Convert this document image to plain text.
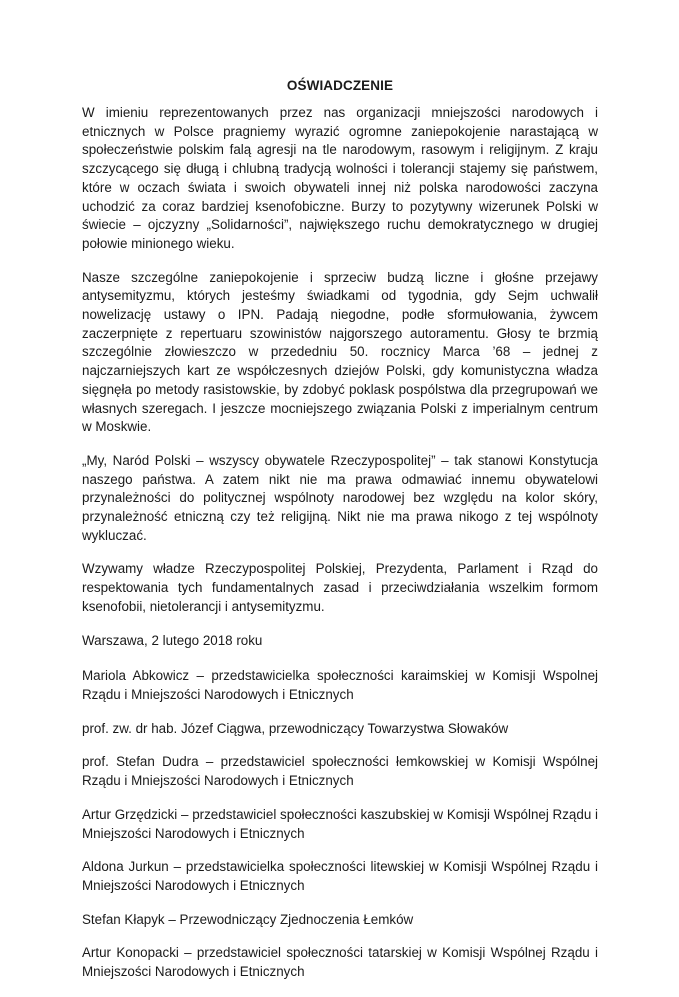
OŚWIADCZENIE

W imieniu reprezentowanych przez nas organizacji mniejszości narodowych i etnicznych w Polsce pragniemy wyrazić ogromne zaniepokojenie narastającą w społeczeństwie polskim falą agresji na tle narodowym, rasowym i religijnym. Z kraju szczycącego się długą i chlubną tradycją wolności i tolerancji stajemy się państwem, które w oczach świata i swoich obywateli innej niż polska narodowości zaczyna uchodzić za coraz bardziej ksenofobiczne. Burzy to pozytywny wizerunek Polski w świecie – ojczyzny „Solidarności”, największego ruchu demokratycznego w drugiej połowie minionego wieku.

Nasze szczególne zaniepokojenie i sprzeciw budzą liczne i głośne przejawy antysemityzmu, których jesteśmy świadkami od tygodnia, gdy Sejm uchwalił nowelizację ustawy o IPN. Padają niegodne, podłe sformułowania, żywcem zaczerpnięte z repertuaru szowinistów najgorszego autoramentu. Głosy te brzmią szczególnie złowieszczo w przededniu 50. rocznicy Marca ’68 – jednej z najczarniejszych kart ze współczesnych dziejów Polski, gdy komunistyczna władza sięgnęła po metody rasistowskie, by zdobyć poklask pospólstwa dla przegrupowań we własnych szeregach. I jeszcze mocniejszego związania Polski z imperialnym centrum w Moskwie.

„My, Naród Polski – wszyscy obywatele Rzeczypospolitej” – tak stanowi Konstytucja naszego państwa. A zatem nikt nie ma prawa odmawiać innemu obywatelowi przynależności do politycznej wspólnoty narodowej bez względu na kolor skóry, przynależność etniczną czy też religijną. Nikt nie ma prawa nikogo z tej wspólnoty wykluczać.

Wzywamy władze Rzeczypospolitej Polskiej, Prezydenta, Parlament i Rząd do respektowania tych fundamentalnych zasad i przeciwdziałania wszelkim formom ksenofobii, nietolerancji i antysemityzmu.

Warszawa, 2 lutego 2018 roku

Mariola Abkowicz – przedstawicielka społeczności karaimskiej w Komisji Wspolnej Rządu i Mniejszości Narodowych i Etnicznych

prof. zw. dr hab. Józef Ciągwa, przewodniczący Towarzystwa Słowaków

prof. Stefan Dudra – przedstawiciel społeczności łemkowskiej w Komisji Wspólnej Rządu i Mniejszości Narodowych i Etnicznych

Artur Grzędzicki – przedstawiciel społeczności kaszubskiej w Komisji Wspólnej Rządu i Mniejszości Narodowych i Etnicznych

Aldona Jurkun – przedstawicielka społeczności litewskiej w Komisji Wspólnej Rządu i Mniejszości Narodowych i Etnicznych

Stefan Kłapyk – Przewodniczący Zjednoczenia Łemków

Artur Konopacki – przedstawiciel społeczności tatarskiej w Komisji Wspólnej Rządu i Mniejszości Narodowych i Etnicznych
